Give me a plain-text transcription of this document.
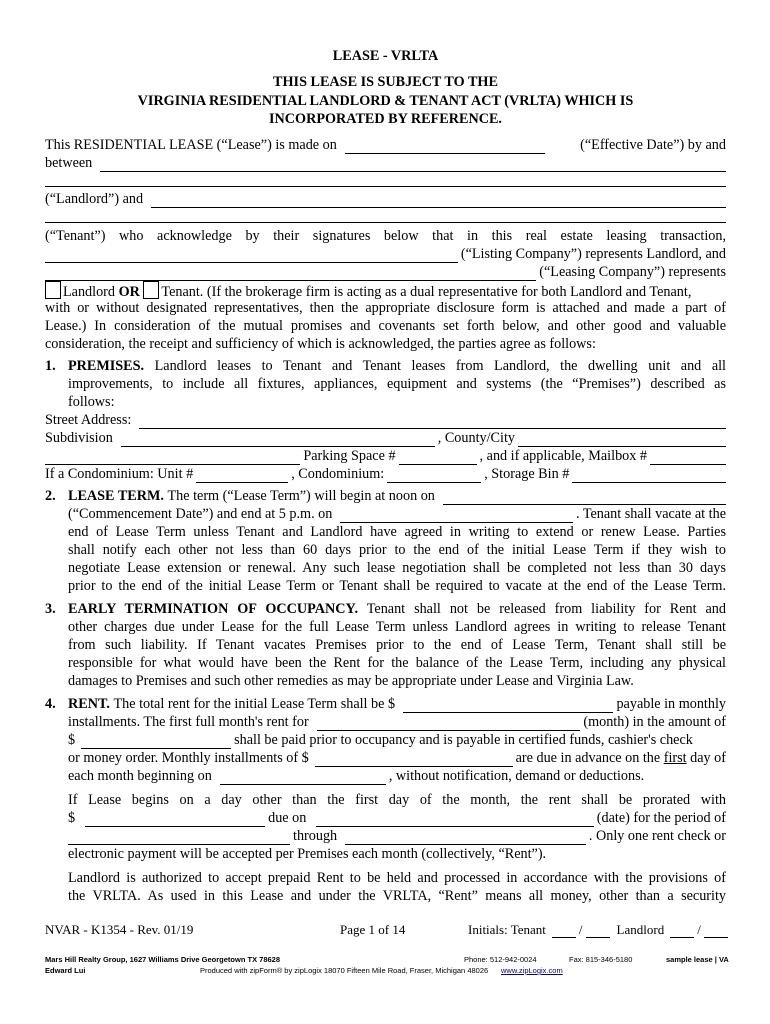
LEASE - VRLTA
THIS LEASE IS SUBJECT TO THE
VIRGINIA RESIDENTIAL LANDLORD & TENANT ACT (VRLTA) WHICH IS
INCORPORATED BY REFERENCE.
This RESIDENTIAL LEASE (“Lease”) is made on	(“Effective Date”) by and
between
(“Landlord”) and
(“Tenant”) who acknowledge by their signatures below that in this real estate leasing transaction,
(“Listing Company”) represents Landlord, and
(“Leasing Company”) represents
Landlord OR Tenant. (If the brokerage firm is acting as a dual representative for both Landlord and Tenant,
with or without designated representatives, then the appropriate disclosure form is attached and made a part of
Lease.) In consideration of the mutual promises and covenants set forth below, and other good and valuable
consideration, the receipt and sufficiency of which is acknowledged, the parties agree as follows:
1. PREMISES. Landlord leases to Tenant and Tenant leases from Landlord, the dwelling unit and all
improvements, to include all fixtures, appliances, equipment and systems (the “Premises”) described as
follows:
Street Address:
Subdivision	, County/City
Parking Space #	, and if applicable, Mailbox #
If a Condominium: Unit #	, Condominium:	, Storage Bin #
2. LEASE TERM.
The term (“Lease Term”) will begin at noon on
(“Commencement Date”) and end at 5 p.m. on	. Tenant shall vacate at the
end of Lease Term unless Tenant and Landlord have agreed in writing to extend or renew Lease. Parties
shall notify each other not less than 60 days prior to the end of the initial Lease Term if they wish to
negotiate Lease extension or renewal. Any such lease negotiation shall be completed not less than 30 days
prior to the end of the initial Lease Term or Tenant shall be required to vacate at the end of the Lease Term.
3. EARLY TERMINATION OF OCCUPANCY. Tenant shall not be released from liability for Rent and
other charges due under Lease for the full Lease Term unless Landlord agrees in writing to release Tenant
from such liability. If Tenant vacates Premises prior to the end of Lease Term, Tenant shall still be
responsible for what would have been the Rent for the balance of the Lease Term, including any physical
damages to Premises and such other remedies as may be appropriate under Lease and Virginia Law.
4. RENT.
The total rent for the initial Lease Term shall be $	payable in monthly
installments. The first full month's rent for	(month) in the amount of
$	shall be paid prior to occupancy and is payable in certified funds, cashier's check
or money order. Monthly installments of $	are due in advance on the
first
day of
each month beginning on	, without notification, demand or deductions.
If Lease begins on a day other than the first day of the month, the rent shall be prorated with
$	due on	(date) for the period of
through	. Only one rent check or
electronic payment will be accepted per Premises each month (collectively, “Rent”).
Landlord is authorized to accept prepaid Rent to be held and processed in accordance with the provisions of
the VRLTA. As used in this Lease and under the VRLTA, “Rent” means all money, other than a security
NVAR - K1354 - Rev. 01/19	Page 1 of 14	Initials: Tenant	/	Landlord	/
Mars Hill Realty Group, 1627 Williams Drive Georgetown TX 78628	Phone: 512-942-0024	Fax: 815-346-5180	sample lease | VA
Edward Lui	Produced with zipForm® by zipLogix 18070 Fifteen Mile Road, Fraser, Michigan 48026 www.zipLogix.com
